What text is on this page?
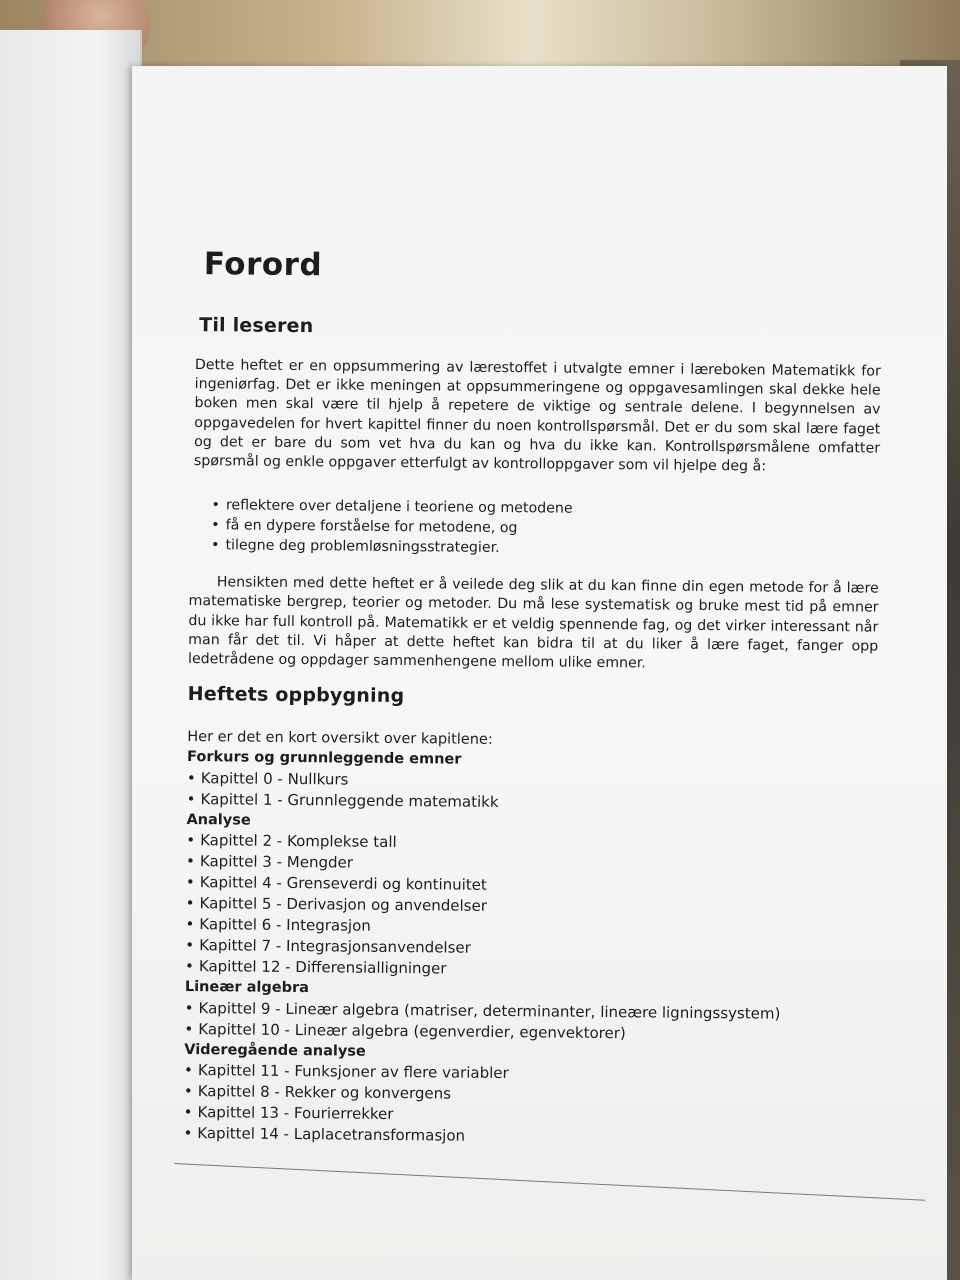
Forord
Til leseren

Dette heftet er en oppsummering av lærestoffet i utvalgte emner i læreboken Matematikk for ingeniørfag. Det er ikke meningen at oppsummeringene og oppgavesamlingen skal dekke hele boken men skal være til hjelp å repetere de viktige og sentrale delene. I begynnelsen av oppgavedelen for hvert kapittel finner du noen kontrollspørsmål. Det er du som skal lære faget og det er bare du som vet hva du kan og hva du ikke kan. Kontrollspørsmålene omfatter spørsmål og enkle oppgaver etterfulgt av kontrolloppgaver som vil hjelpe deg å:

• reflektere over detaljene i teoriene og metodene
• få en dypere forståelse for metodene, og
• tilegne deg problemløsningsstrategier.

Hensikten med dette heftet er å veilede deg slik at du kan finne din egen metode for å lære matematiske bergrep, teorier og metoder. Du må lese systematisk og bruke mest tid på emner du ikke har full kontroll på. Matematikk er et veldig spennende fag, og det virker interessant når man får det til. Vi håper at dette heftet kan bidra til at du liker å lære faget, fanger opp ledetrådene og oppdager sammenhengene mellom ulike emner.

Heftets oppbygning

Her er det en kort oversikt over kapitlene:

Forkurs og grunnleggende emner

• Kapittel 0 - Nullkurs
• Kapittel 1 - Grunnleggende matematikk

Analyse

• Kapittel 2 - Komplekse tall
• Kapittel 3 - Mengder
• Kapittel 4 - Grenseverdi og kontinuitet
• Kapittel 5 - Derivasjon og anvendelser
• Kapittel 6 - Integrasjon
• Kapittel 7 - Integrasjonsanvendelser
• Kapittel 12 - Differensialligninger

Lineær algebra

• Kapittel 9 - Lineær algebra (matriser, determinanter, lineære ligningssystem)
• Kapittel 10 - Lineær algebra (egenverdier, egenvektorer)

Videregående analyse

• Kapittel 11 - Funksjoner av flere variabler
• Kapittel 8 - Rekker og konvergens
• Kapittel 13 - Fourierrekker
• Kapittel 14 - Laplacetransformasjon
